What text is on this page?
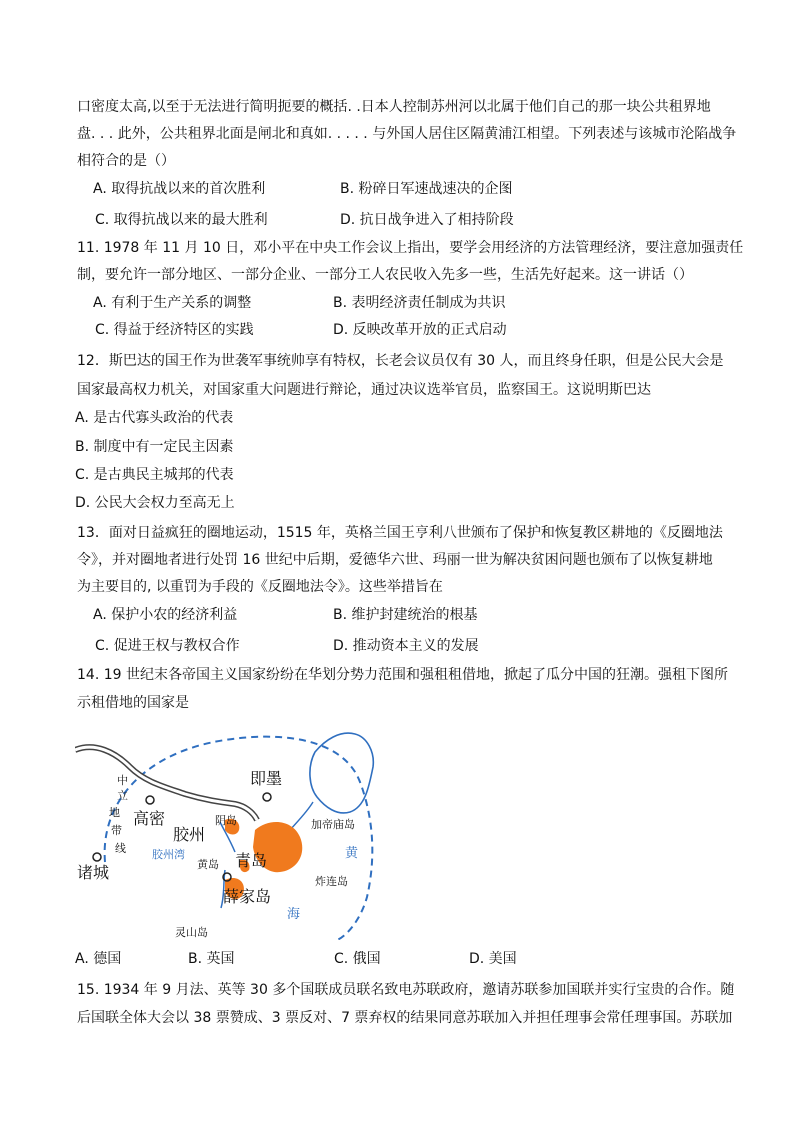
口密度太高,以至于无法进行简明扼要的概括. .日本人控制苏州河以北属于他们自己的那一块公共租界地
盘. . . 此外，公共租界北面是闸北和真如. . . . . 与外国人居住区隔黄浦江相望。下列表述与该城市沦陷战争
相符合的是（）
A. 取得抗战以来的首次胜利	B. 粉碎日军速战速决的企图
C. 取得抗战以来的最大胜利	D. 抗日战争进入了相持阶段
11. 1978 年 11 月 10 日，邓小平在中央工作会议上指出，要学会用经济的方法管理经济，要注意加强责任
制，要允许一部分地区、一部分企业、一部分工人农民收入先多一些，生活先好起来。这一讲话（）
A. 有利于生产关系的调整	B. 表明经济责任制成为共识
C. 得益于经济特区的实践	D. 反映改革开放的正式启动
12．斯巴达的国王作为世袭军事统帅享有特权，长老会议员仅有 30 人，而且终身任职，但是公民大会是
国家最高权力机关，对国家重大问题进行辩论，通过决议选举官员，监察国王。这说明斯巴达
A. 是古代寡头政治的代表
B. 制度中有一定民主因素
C. 是古典民主城邦的代表
D. 公民大会权力至高无上
13．面对日益疯狂的圈地运动，1515 年，英格兰国王亨利八世颁布了保护和恢复教区耕地的《反圈地法
令》，并对圈地者进行处罚 16 世纪中后期，爱德华六世、玛丽一世为解决贫困问题也颁布了以恢复耕地
为主要目的, 以重罚为手段的《反圈地法令》。这些举措旨在
A. 保护小农的经济利益	B. 维护封建统治的根基
C. 促进王权与教权合作	D. 推动资本主义的发展
14. 19 世纪末各帝国主义国家纷纷在华划分势力范围和强租租借地，掀起了瓜分中国的狂潮。强租下图所
示租借地的国家是
即墨
高密
胶州
阴岛
胶州湾
黄岛 青岛
薛家岛
诸城
加帝庙岛
黄
海
炸连岛
灵山岛
中
立
地
带
线
A. 德国	B. 英国	C. 俄国	D. 美国
15. 1934 年 9 月法、英等 30 多个国联成员联名致电苏联政府，邀请苏联参加国联并实行宝贵的合作。随
后国联全体大会以 38 票赞成、3 票反对、7 票弃权的结果同意苏联加入并担任理事会常任理事国。苏联加
